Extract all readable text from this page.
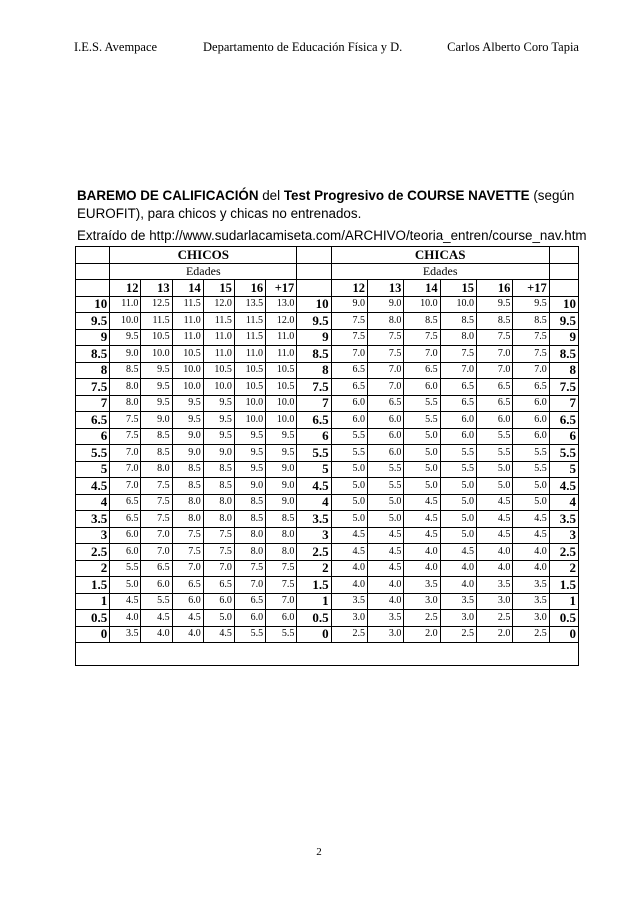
I.E.S. Avempace	Departamento de Educación Física y D.	Carlos Alberto Coro Tapia
BAREMO DE CALIFICACIÓN del Test Progresivo de COURSE NAVETTE (según EUROFIT), para chicos y chicas no entrenados.
Extraído de http://www.sudarlacamiseta.com/ARCHIVO/teoria_entren/course_nav.htm
	CHICOS							CHICAS						
	Edades							Edades						
	12	13	14	15	16	+17		12	13	14	15	16	+17	
10	11.0	12.5	11.5	12.0	13.5	13.0	10	9.0	9.0	10.0	10.0	9.5	9.5	10
9.5	10.0	11.5	11.0	11.5	11.5	12.0	9.5	7.5	8.0	8.5	8.5	8.5	8.5	9.5
9	9.5	10.5	11.0	11.0	11.5	11.0	9	7.5	7.5	7.5	8.0	7.5	7.5	9
8.5	9.0	10.0	10.5	11.0	11.0	11.0	8.5	7.0	7.5	7.0	7.5	7.0	7.5	8.5
8	8.5	9.5	10.0	10.5	10.5	10.5	8	6.5	7.0	6.5	7.0	7.0	7.0	8
7.5	8.0	9.5	10.0	10.0	10.5	10.5	7.5	6.5	7.0	6.0	6.5	6.5	6.5	7.5
7	8.0	9.5	9.5	9.5	10.0	10.0	7	6.0	6.5	5.5	6.5	6.5	6.0	7
6.5	7.5	9.0	9.5	9.5	10.0	10.0	6.5	6.0	6.0	5.5	6.0	6.0	6.0	6.5
6	7.5	8.5	9.0	9.5	9.5	9.5	6	5.5	6.0	5.0	6.0	5.5	6.0	6
5.5	7.0	8.5	9.0	9.0	9.5	9.5	5.5	5.5	6.0	5.0	5.5	5.5	5.5	5.5
5	7.0	8.0	8.5	8.5	9.5	9.0	5	5.0	5.5	5.0	5.5	5.0	5.5	5
4.5	7.0	7.5	8.5	8.5	9.0	9.0	4.5	5.0	5.5	5.0	5.0	5.0	5.0	4.5
4	6.5	7.5	8.0	8.0	8.5	9.0	4	5.0	5.0	4.5	5.0	4.5	5.0	4
3.5	6.5	7.5	8.0	8.0	8.5	8.5	3.5	5.0	5.0	4.5	5.0	4.5	4.5	3.5
3	6.0	7.0	7.5	7.5	8.0	8.0	3	4.5	4.5	4.5	5.0	4.5	4.5	3
2.5	6.0	7.0	7.5	7.5	8.0	8.0	2.5	4.5	4.5	4.0	4.5	4.0	4.0	2.5
2	5.5	6.5	7.0	7.0	7.5	7.5	2	4.0	4.5	4.0	4.0	4.0	4.0	2
1.5	5.0	6.0	6.5	6.5	7.0	7.5	1.5	4.0	4.0	3.5	4.0	3.5	3.5	1.5
1	4.5	5.5	6.0	6.0	6.5	7.0	1	3.5	4.0	3.0	3.5	3.0	3.5	1
0.5	4.0	4.5	4.5	5.0	6.0	6.0	0.5	3.0	3.5	2.5	3.0	2.5	3.0	0.5
0	3.5	4.0	4.0	4.5	5.5	5.5	0	2.5	3.0	2.0	2.5	2.0	2.5	0

2
